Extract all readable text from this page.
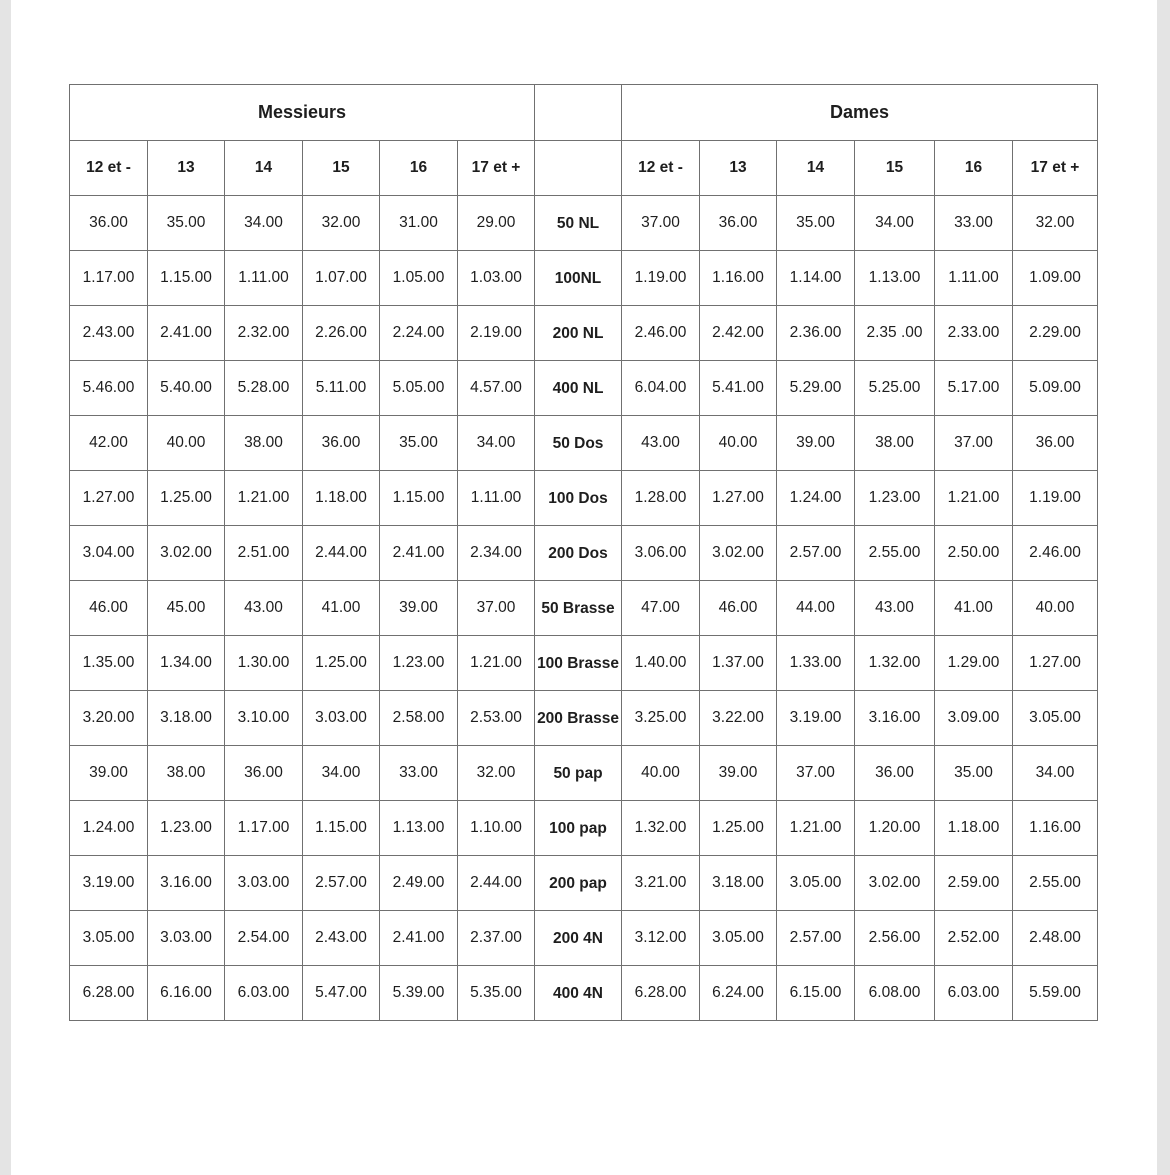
Messieurs							Dames					
12 et -	13	14	15	16	17 et +		12 et -	13	14	15	16	17 et +
36.00	35.00	34.00	32.00	31.00	29.00	50 NL	37.00	36.00	35.00	34.00	33.00	32.00
1.17.00	1.15.00	1.11.00	1.07.00	1.05.00	1.03.00	100NL	1.19.00	1.16.00	1.14.00	1.13.00	1.11.00	1.09.00
2.43.00	2.41.00	2.32.00	2.26.00	2.24.00	2.19.00	200 NL	2.46.00	2.42.00	2.36.00	2.35 .00	2.33.00	2.29.00
5.46.00	5.40.00	5.28.00	5.11.00	5.05.00	4.57.00	400 NL	6.04.00	5.41.00	5.29.00	5.25.00	5.17.00	5.09.00
42.00	40.00	38.00	36.00	35.00	34.00	50 Dos	43.00	40.00	39.00	38.00	37.00	36.00
1.27.00	1.25.00	1.21.00	1.18.00	1.15.00	1.11.00	100 Dos	1.28.00	1.27.00	1.24.00	1.23.00	1.21.00	1.19.00
3.04.00	3.02.00	2.51.00	2.44.00	2.41.00	2.34.00	200 Dos	3.06.00	3.02.00	2.57.00	2.55.00	2.50.00	2.46.00
46.00	45.00	43.00	41.00	39.00	37.00	50 Brasse	47.00	46.00	44.00	43.00	41.00	40.00
1.35.00	1.34.00	1.30.00	1.25.00	1.23.00	1.21.00	100 Brasse	1.40.00	1.37.00	1.33.00	1.32.00	1.29.00	1.27.00
3.20.00	3.18.00	3.10.00	3.03.00	2.58.00	2.53.00	200 Brasse	3.25.00	3.22.00	3.19.00	3.16.00	3.09.00	3.05.00
39.00	38.00	36.00	34.00	33.00	32.00	50 pap	40.00	39.00	37.00	36.00	35.00	34.00
1.24.00	1.23.00	1.17.00	1.15.00	1.13.00	1.10.00	100 pap	1.32.00	1.25.00	1.21.00	1.20.00	1.18.00	1.16.00
3.19.00	3.16.00	3.03.00	2.57.00	2.49.00	2.44.00	200 pap	3.21.00	3.18.00	3.05.00	3.02.00	2.59.00	2.55.00
3.05.00	3.03.00	2.54.00	2.43.00	2.41.00	2.37.00	200 4N	3.12.00	3.05.00	2.57.00	2.56.00	2.52.00	2.48.00
6.28.00	6.16.00	6.03.00	5.47.00	5.39.00	5.35.00	400 4N	6.28.00	6.24.00	6.15.00	6.08.00	6.03.00	5.59.00
